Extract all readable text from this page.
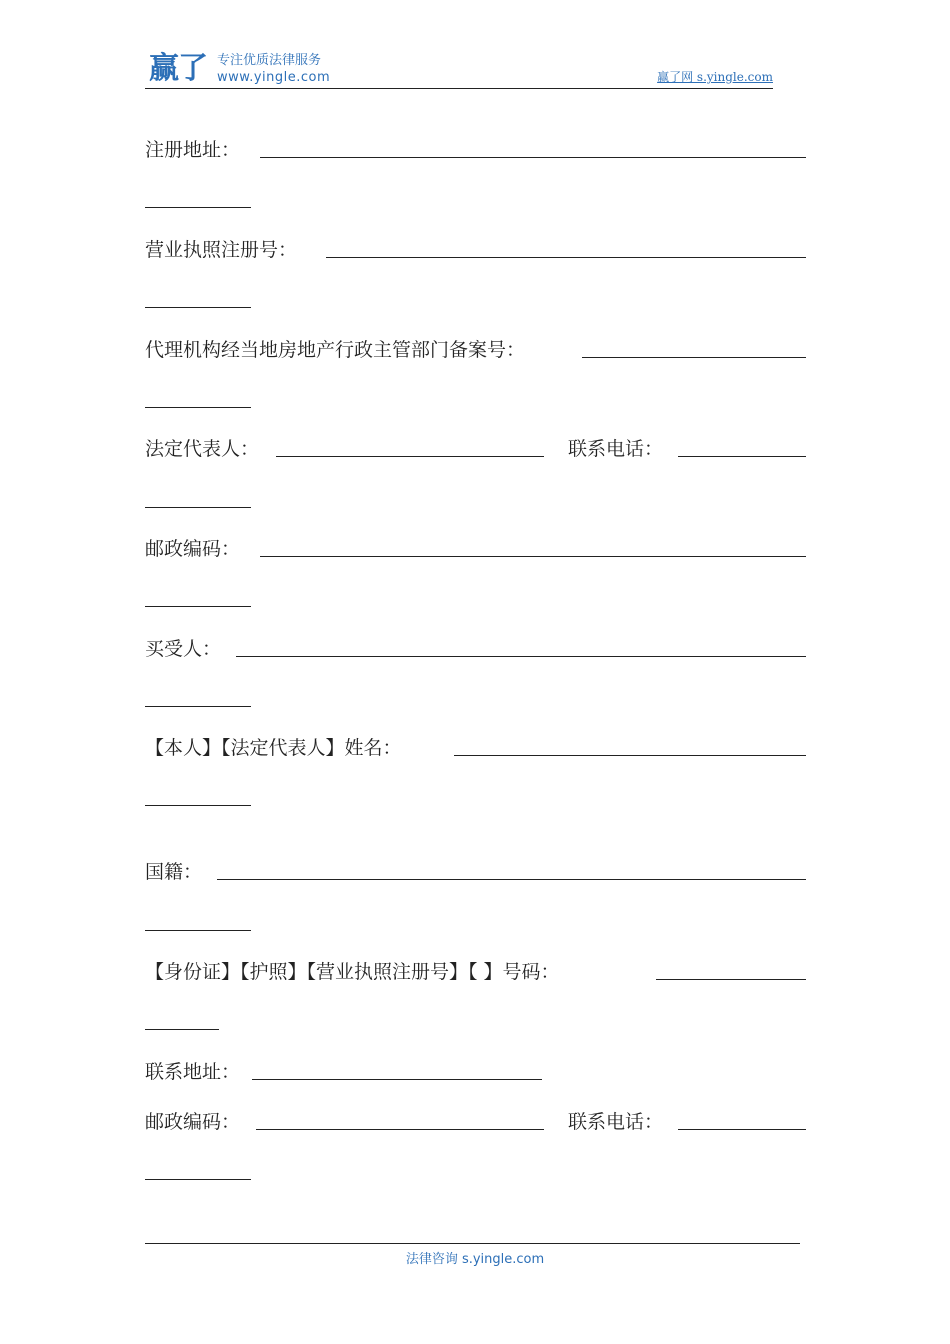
赢了 专注优质法律服务
www.yingle.com	赢了网 s.yingle.com
注册地址：
营业执照注册号：
代理机构经当地房地产行政主管部门备案号：
法定代表人：	联系电话：
邮政编码：
买受人：
【本人】【法定代表人】姓名：
国籍：
【身份证】【护照】【营业执照注册号】【 】号码：
联系地址：
邮政编码：	联系电话：
法律咨询 s.yingle.com
